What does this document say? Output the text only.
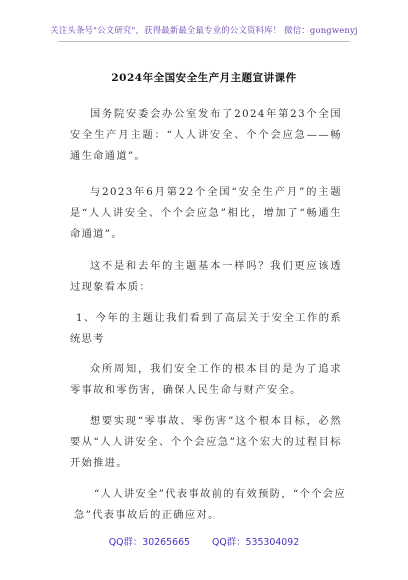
关注头条号"公文研究"，获得最新最全最专业的公文资料库！ 微信：gongwenyj
2024年全国安全生产月主题宣讲课件

国务院安委会办公室发布了2024年第23个全国安全生产月主题：“人人讲安全、个个会应急——畅通生命通道”。

与2023年6月第22个全国“安全生产月”的主题是“人人讲安全、个个会应急”相比，增加了“畅通生命通道”。

这不是和去年的主题基本一样吗？我们更应该透过现象看本质：

1、今年的主题让我们看到了高层关于安全工作的系统思考

众所周知，我们安全工作的根本目的是为了追求零事故和零伤害，确保人民生命与财产安全。

想要实现“零事故、零伤害”这个根本目标，必然要从“人人讲安全、个个会应急”这个宏大的过程目标开始推进。

“人人讲安全”代表事故前的有效预防，“个个会应急”代表事故后的正确应对。

QQ群：30265665 QQ群：535304092
